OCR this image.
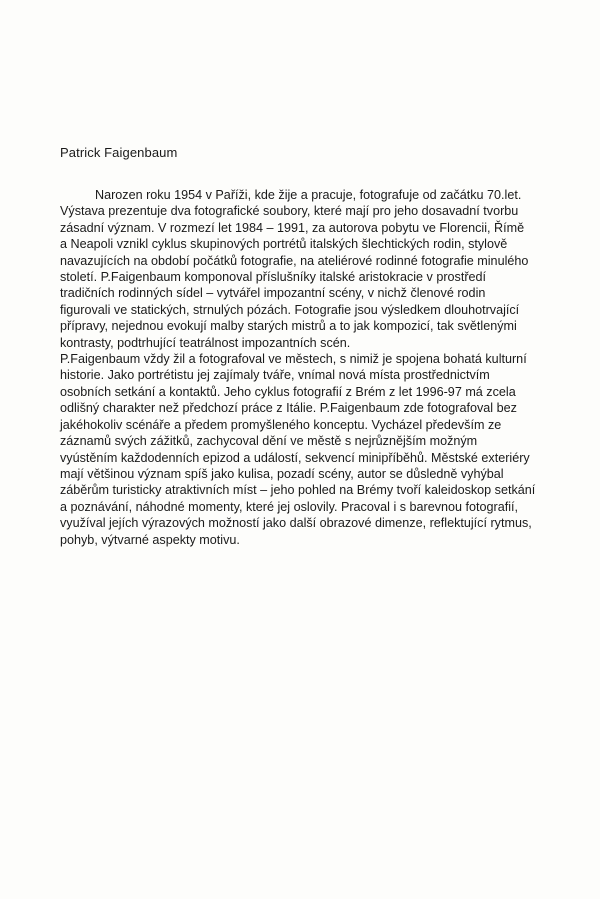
Patrick Faigenbaum
Narozen roku 1954 v Paříži, kde žije a pracuje, fotografuje od začátku 70.let.
Výstava prezentuje dva fotografické soubory, které mají pro jeho dosavadní tvorbu
zásadní význam. V rozmezí let 1984 – 1991, za autorova pobytu ve Florencii, Římě
a Neapoli vznikl cyklus skupinových portrétů italských šlechtických rodin, stylově
navazujících na období počátků fotografie, na ateliérové rodinné fotografie minulého
století. P.Faigenbaum komponoval příslušníky italské aristokracie v prostředí
tradičních rodinných sídel – vytvářel impozantní scény, v nichž členové rodin
figurovali ve statických, strnulých pózách. Fotografie jsou výsledkem dlouhotrvající
přípravy, nejednou evokují malby starých mistrů a to jak kompozicí, tak světlenými
kontrasty, podtrhující teatrálnost impozantních scén.
P.Faigenbaum vždy žil a fotografoval ve městech, s nimiž je spojena bohatá kulturní
historie. Jako portrétistu jej zajímaly tváře, vnímal nová místa prostřednictvím
osobních setkání a kontaktů. Jeho cyklus fotografií z Brém z let 1996-97 má zcela
odlišný charakter než předchozí práce z Itálie. P.Faigenbaum zde fotografoval bez
jakéhokoliv scénáře a předem promyšleného konceptu. Vycházel především ze
záznamů svých zážitků, zachycoval dění ve městě s nejrůznějším možným
vyústěním každodenních epizod a událostí, sekvencí minipříběhů. Městské exteriéry
mají většinou význam spíš jako kulisa, pozadí scény, autor se důsledně vyhýbal
záběrům turisticky atraktivních míst – jeho pohled na Brémy tvoří kaleidoskop setkání
a poznávání, náhodné momenty, které jej oslovily. Pracoval i s barevnou fotografií,
využíval jejích výrazových možností jako další obrazové dimenze, reflektující rytmus,
pohyb, výtvarné aspekty motivu.
